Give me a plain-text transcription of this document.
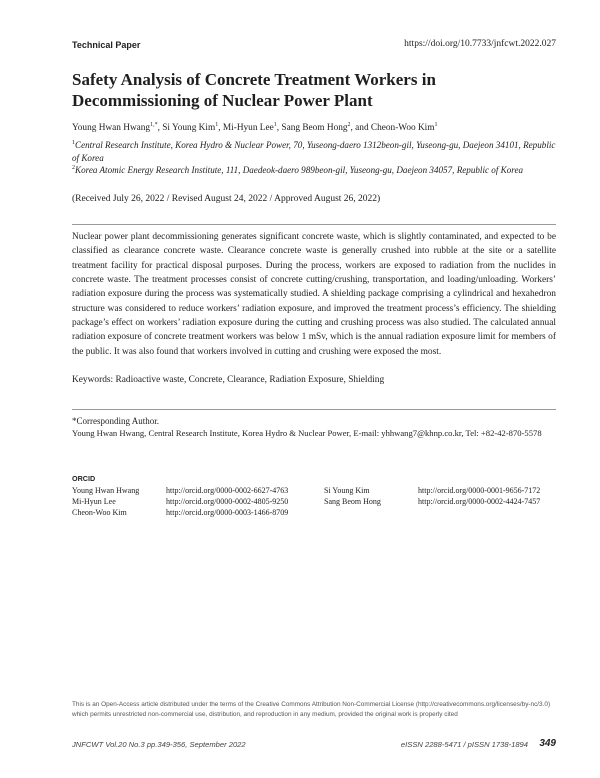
Technical Paper	https://doi.org/10.7733/jnfcwt.2022.027
Safety Analysis of Concrete Treatment Workers in Decommissioning of Nuclear Power Plant
Young Hwan Hwang$^{1,*}$, Si Young Kim$^1$, Mi-Hyun Lee$^1$, Sang Beom Hong$^2$, and Cheon-Woo Kim$^1$
$^1$Central Research Institute, Korea Hydro & Nuclear Power, 70, Yuseong-daero 1312beon-gil, Yuseong-gu, Daejeon 34101, Republic of Korea
$^2$Korea Atomic Energy Research Institute, 111, Daedeok-daero 989beon-gil, Yuseong-gu, Daejeon 34057, Republic of Korea
(Received July 26, 2022 / Revised August 24, 2022 / Approved August 26, 2022)
Nuclear power plant decommissioning generates significant concrete waste, which is slightly contaminated, and expected to be classified as clearance concrete waste. Clearance concrete waste is generally crushed into rubble at the site or a satellite treatment facility for practical disposal purposes. During the process, workers are exposed to radiation from the nuclides in concrete waste. The treatment processes consist of concrete cutting/crushing, transportation, and loading/unloading. Workers’ radiation exposure during the process was systematically studied. A shielding package comprising a cylindrical and hexahedron structure was considered to reduce workers’ radiation exposure, and improved the treatment process’s efficiency. The shielding package’s effect on workers’ radiation exposure during the cutting and crushing process was also studied. The calculated annual radiation exposure of concrete treatment workers was below 1 mSv, which is the annual radiation exposure limit for members of the public. It was also found that workers involved in cutting and crushing were exposed the most.
Keywords: Radioactive waste, Concrete, Clearance, Radiation Exposure, Shielding
*Corresponding Author.
Young Hwan Hwang, Central Research Institute, Korea Hydro & Nuclear Power, E-mail: yhhwang7@khnp.co.kr, Tel: +82-42-870-5578
ORCID
Young Hwan Hwang	http://orcid.org/0000-0002-6627-4763	Si Young Kim	http://orcid.org/0000-0001-9656-7172
Mi-Hyun Lee	http://orcid.org/0000-0002-4805-9250	Sang Beom Hong	http://orcid.org/0000-0002-4424-7457
Cheon-Woo Kim	http://orcid.org/0000-0003-1466-8709
This is an Open-Access article distributed under the terms of the Creative Commons Attribution Non-Commercial License (http://creativecommons.org/licenses/by-nc/3.0) which permits unrestricted non-commercial use, distribution, and reproduction in any medium, provided the original work is properly cited
JNFCWT Vol.20 No.3 pp.349-356, September 2022	eISSN 2288-5471 / pISSN 1738-1894 349
